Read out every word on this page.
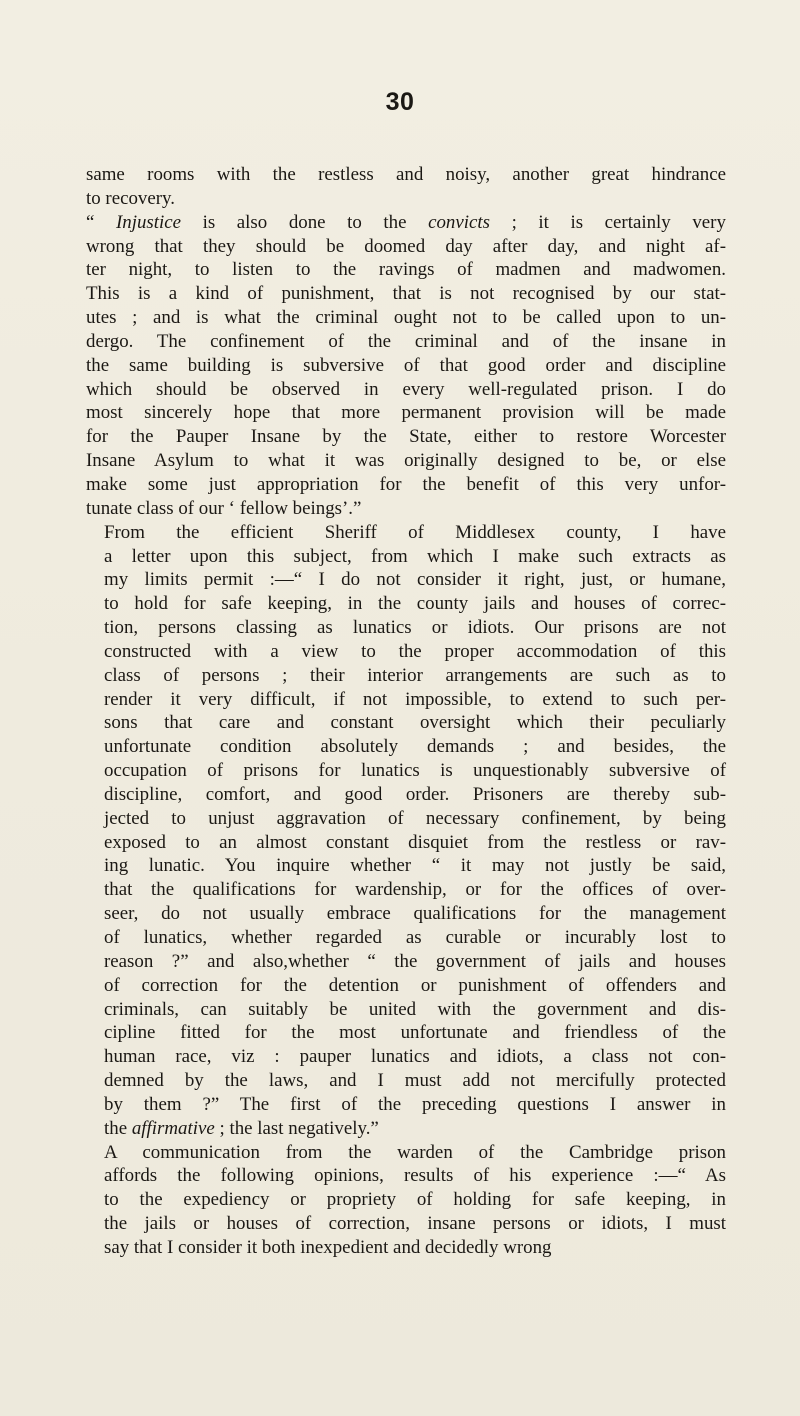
30

same rooms with the restless and noisy, another great hindrance
to recovery.

“ Injustice is also done to the convicts ; it is certainly very
wrong that they should be doomed day after day, and night af-
ter night, to listen to the ravings of madmen and madwomen.
This is a kind of punishment, that is not recognised by our stat-
utes ; and is what the criminal ought not to be called upon to un-
dergo. The confinement of the criminal and of the insane in
the same building is subversive of that good order and discipline
which should be observed in every well-regulated prison. I do
most sincerely hope that more permanent provision will be made
for the Pauper Insane by the State, either to restore Worcester
Insane Asylum to what it was originally designed to be, or else
make some just appropriation for the benefit of this very unfor-
tunate class of our ‘ fellow beings’.”

From the efficient Sheriff of Middlesex county, I have
a letter upon this subject, from which I make such extracts as
my limits permit :—“ I do not consider it right, just, or humane,
to hold for safe keeping, in the county jails and houses of correc-
tion, persons classing as lunatics or idiots. Our prisons are not
constructed with a view to the proper accommodation of this
class of persons ; their interior arrangements are such as to
render it very difficult, if not impossible, to extend to such per-
sons that care and constant oversight which their peculiarly
unfortunate condition absolutely demands ; and besides, the
occupation of prisons for lunatics is unquestionably subversive of
discipline, comfort, and good order. Prisoners are thereby sub-
jected to unjust aggravation of necessary confinement, by being
exposed to an almost constant disquiet from the restless or rav-
ing lunatic. You inquire whether “ it may not justly be said,
that the qualifications for wardenship, or for the offices of over-
seer, do not usually embrace qualifications for the management
of lunatics, whether regarded as curable or incurably lost to
reason ?” and also,whether “ the government of jails and houses
of correction for the detention or punishment of offenders and
criminals, can suitably be united with the government and dis-
cipline fitted for the most unfortunate and friendless of the
human race, viz : pauper lunatics and idiots, a class not con-
demned by the laws, and I must add not mercifully protected
by them ?” The first of the preceding questions I answer in
the affirmative ; the last negatively.”

A communication from the warden of the Cambridge prison
affords the following opinions, results of his experience :—“ As
to the expediency or propriety of holding for safe keeping, in
the jails or houses of correction, insane persons or idiots, I must
say that I consider it both inexpedient and decidedly wrong
